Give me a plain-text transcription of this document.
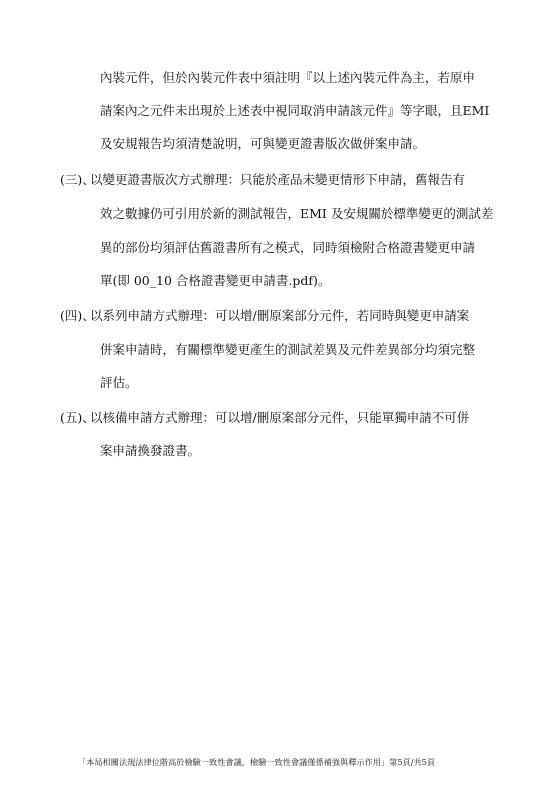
內裝元件，但於內裝元件表中須註明『以上述內裝元件為主，若原申
請案內之元件未出現於上述表中視同取消申請該元件』等字眼，且EMI
及安規報告均須清楚說明，可與變更證書版次做併案申請。
(三)、
以變更證書版次方式辦理：只能於產品未變更情形下申請，舊報告有
效之數據仍可引用於新的測試報告，EMI 及安規關於標準變更的測試差
異的部份均須評估舊證書所有之模式，同時須檢附合格證書變更申請
單(即 00_10 合格證書變更申請書.pdf)。
(四)、
以系列申請方式辦理：可以增/刪原案部分元件，若同時與變更申請案
併案申請時，有關標準變更產生的測試差異及元件差異部分均須完整
評估。
(五)、
以核備申請方式辦理：可以增/刪原案部分元件，只能單獨申請不可併
案申請換發證書。
「本局相關法規法律位階高於檢驗一致性會議，檢驗一致性會議僅係補強與釋示作用」第5頁/共5頁
